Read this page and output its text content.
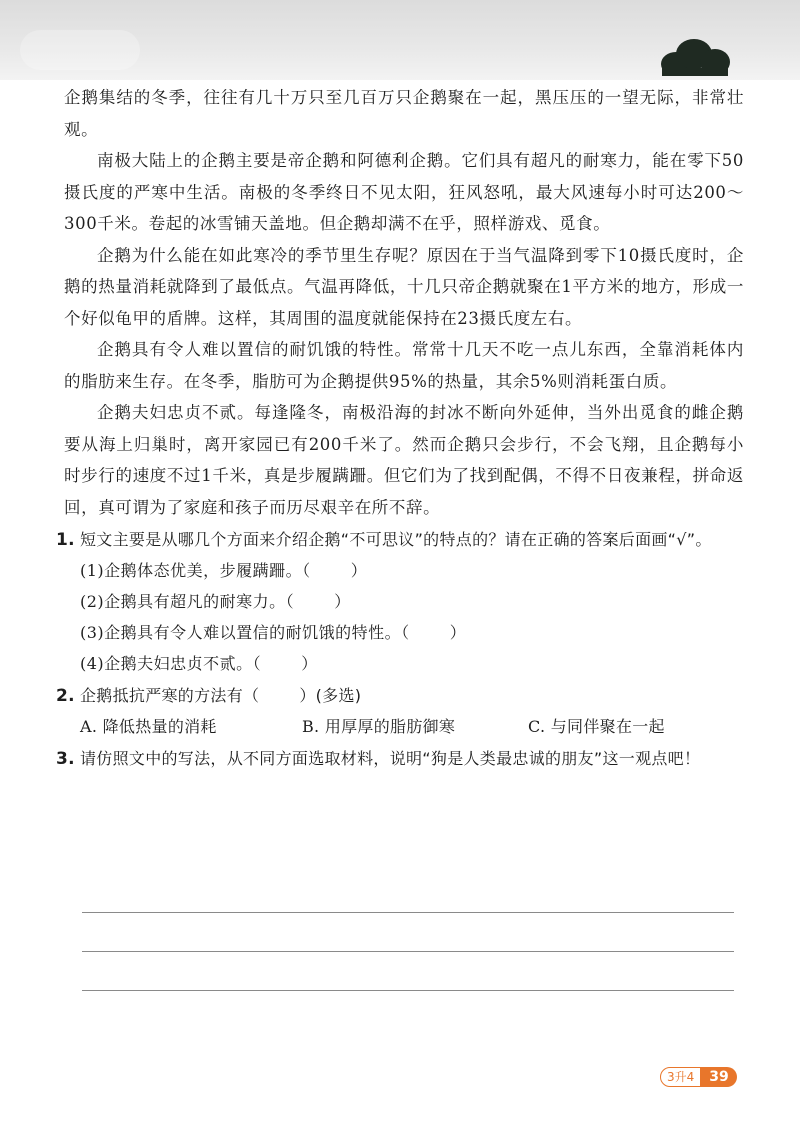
企鹅集结的冬季，往往有几十万只至几百万只企鹅聚在一起，黑压压的一望无际，非常壮观。

南极大陆上的企鹅主要是帝企鹅和阿德利企鹅。它们具有超凡的耐寒力，能在零下50摄氏度的严寒中生活。南极的冬季终日不见太阳，狂风怒吼，最大风速每小时可达200～300千米。卷起的冰雪铺天盖地。但企鹅却满不在乎，照样游戏、觅食。

企鹅为什么能在如此寒冷的季节里生存呢？原因在于当气温降到零下10摄氏度时，企鹅的热量消耗就降到了最低点。气温再降低，十几只帝企鹅就聚在1平方米的地方，形成一个好似龟甲的盾牌。这样，其周围的温度就能保持在23摄氏度左右。

企鹅具有令人难以置信的耐饥饿的特性。常常十几天不吃一点儿东西，全靠消耗体内的脂肪来生存。在冬季，脂肪可为企鹅提供95%的热量，其余5%则消耗蛋白质。

企鹅夫妇忠贞不贰。每逢隆冬，南极沿海的封冰不断向外延伸，当外出觅食的雌企鹅要从海上归巢时，离开家园已有200千米了。然而企鹅只会步行，不会飞翔，且企鹅每小时步行的速度不过1千米，真是步履蹒跚。但它们为了找到配偶，不得不日夜兼程，拼命返回，真可谓为了家庭和孩子而历尽艰辛在所不辞。

1. 短文主要是从哪几个方面来介绍企鹅“不可思议”的特点的？请在正确的答案后面画“√”。
(1)企鹅体态优美，步履蹒跚。（	）
(2)企鹅具有超凡的耐寒力。（	）
(3)企鹅具有令人难以置信的耐饥饿的特性。（	）
(4)企鹅夫妇忠贞不贰。（	）
2. 企鹅抵抗严寒的方法有（	）(多选)
A. 降低热量的消耗	B. 用厚厚的脂肪御寒	C. 与同伴聚在一起
3. 请仿照文中的写法，从不同方面选取材料，说明“狗是人类最忠诚的朋友”这一观点吧！
3升4	39
